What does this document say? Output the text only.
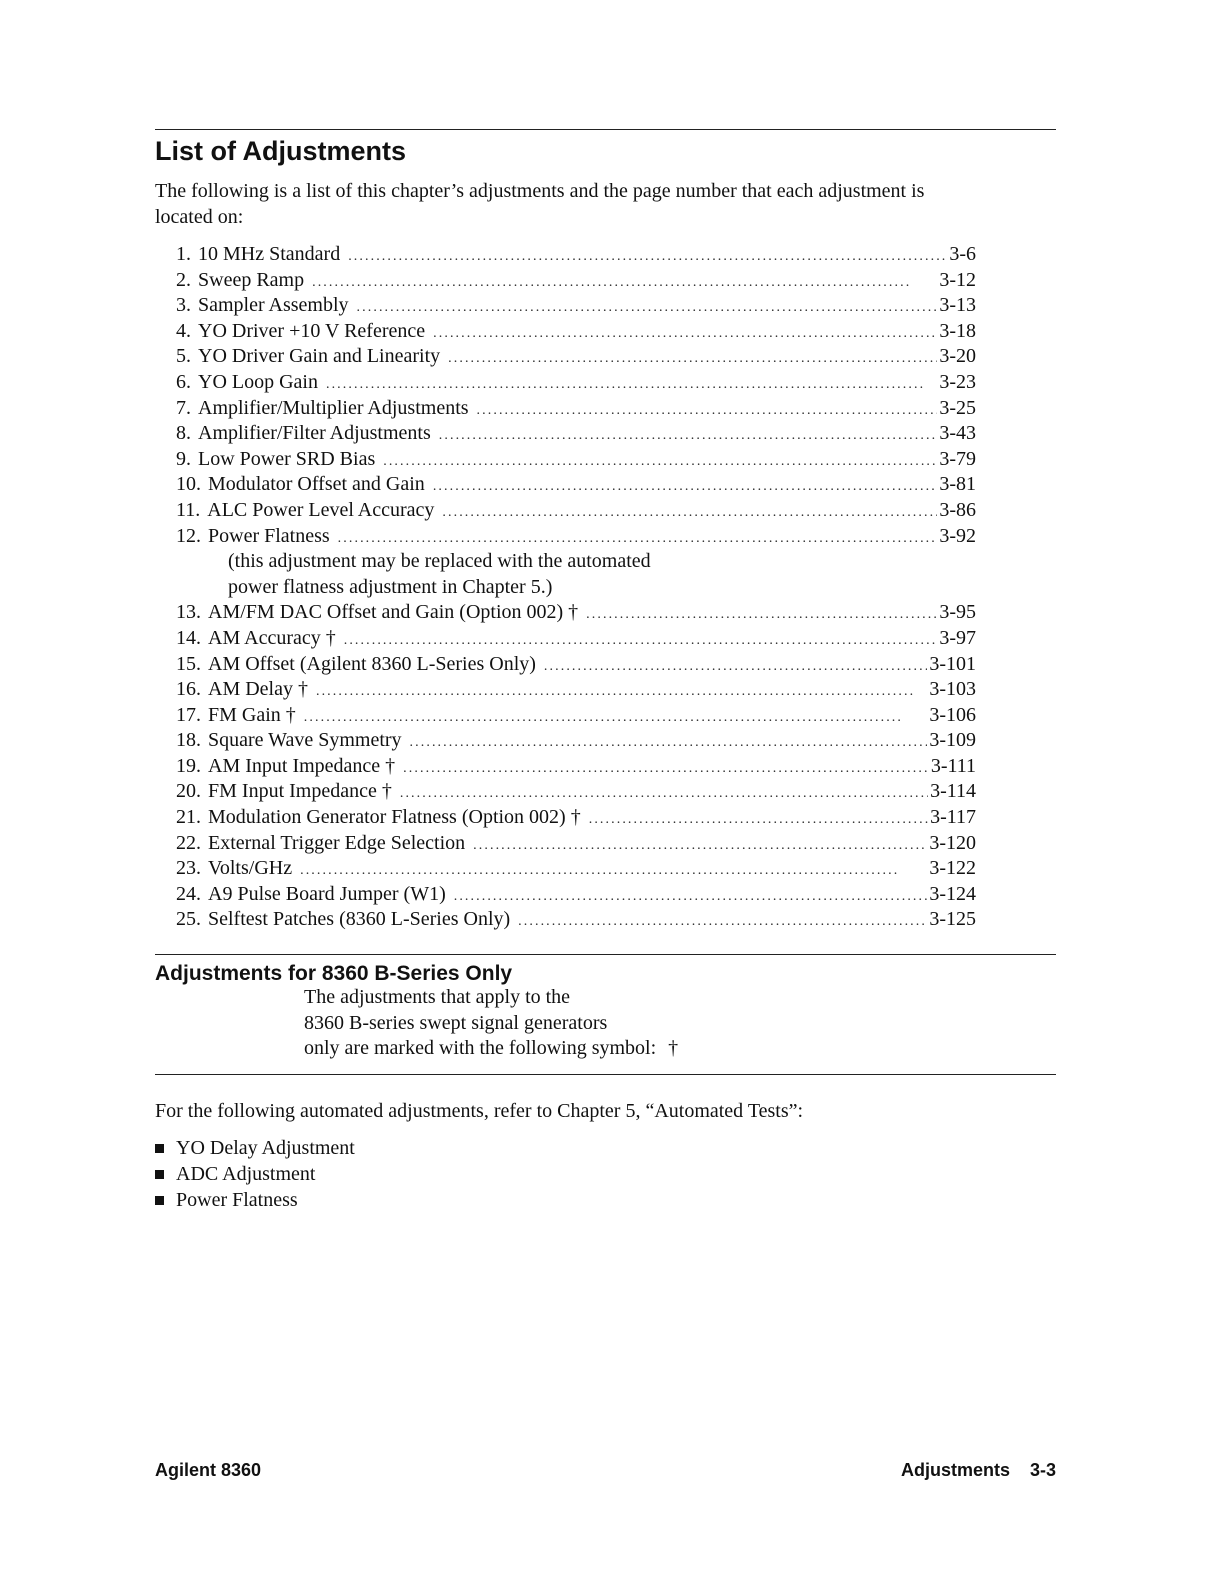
List of Adjustments

The following is a list of this chapter’s adjustments and the page number that each adjustment is located on:

1. 10 MHz Standard . . .	3-6
2. Sweep Ramp . . .	3-12
3. Sampler Assembly . . .	3-13
4. YO Driver +10 V Reference . . .	3-18
5. YO Driver Gain and Linearity . . .	3-20
6. YO Loop Gain . . .	3-23
7. Amplifier/Multiplier Adjustments . . .	3-25
8. Amplifier/Filter Adjustments . . .	3-43
9. Low Power SRD Bias . . .	3-79
10. Modulator Offset and Gain . . .	3-81
11. ALC Power Level Accuracy . . .	3-86
12. Power Flatness . . .	3-92
(this adjustment may be replaced with the automated
power flatness adjustment in Chapter 5.)
13. AM/FM DAC Offset and Gain (Option 002) † . . .	3-95
14. AM Accuracy † . . .	3-97
15. AM Offset (Agilent 8360 L-Series Only) . . .	3-101
16. AM Delay † . . .	3-103
17. FM Gain † . . .	3-106
18. Square Wave Symmetry . . .	3-109
19. AM Input Impedance † . . .	3-111
20. FM Input Impedance † . . .	3-114
21. Modulation Generator Flatness (Option 002) † . . .	3-117
22. External Trigger Edge Selection . . .	3-120
23. Volts/GHz . . .	3-122
24. A9 Pulse Board Jumper (W1) . . .	3-124
25. Selftest Patches (8360 L-Series Only) . . .	3-125
Adjustments for 8360 B-Series Only
The adjustments that apply to the
8360 B-series swept signal generators
only are marked with the following symbol: †

For the following automated adjustments, refer to Chapter 5, “Automated Tests”:

YO Delay Adjustment
ADC Adjustment
Power Flatness
Agilent 8360	Adjustments 3-3
